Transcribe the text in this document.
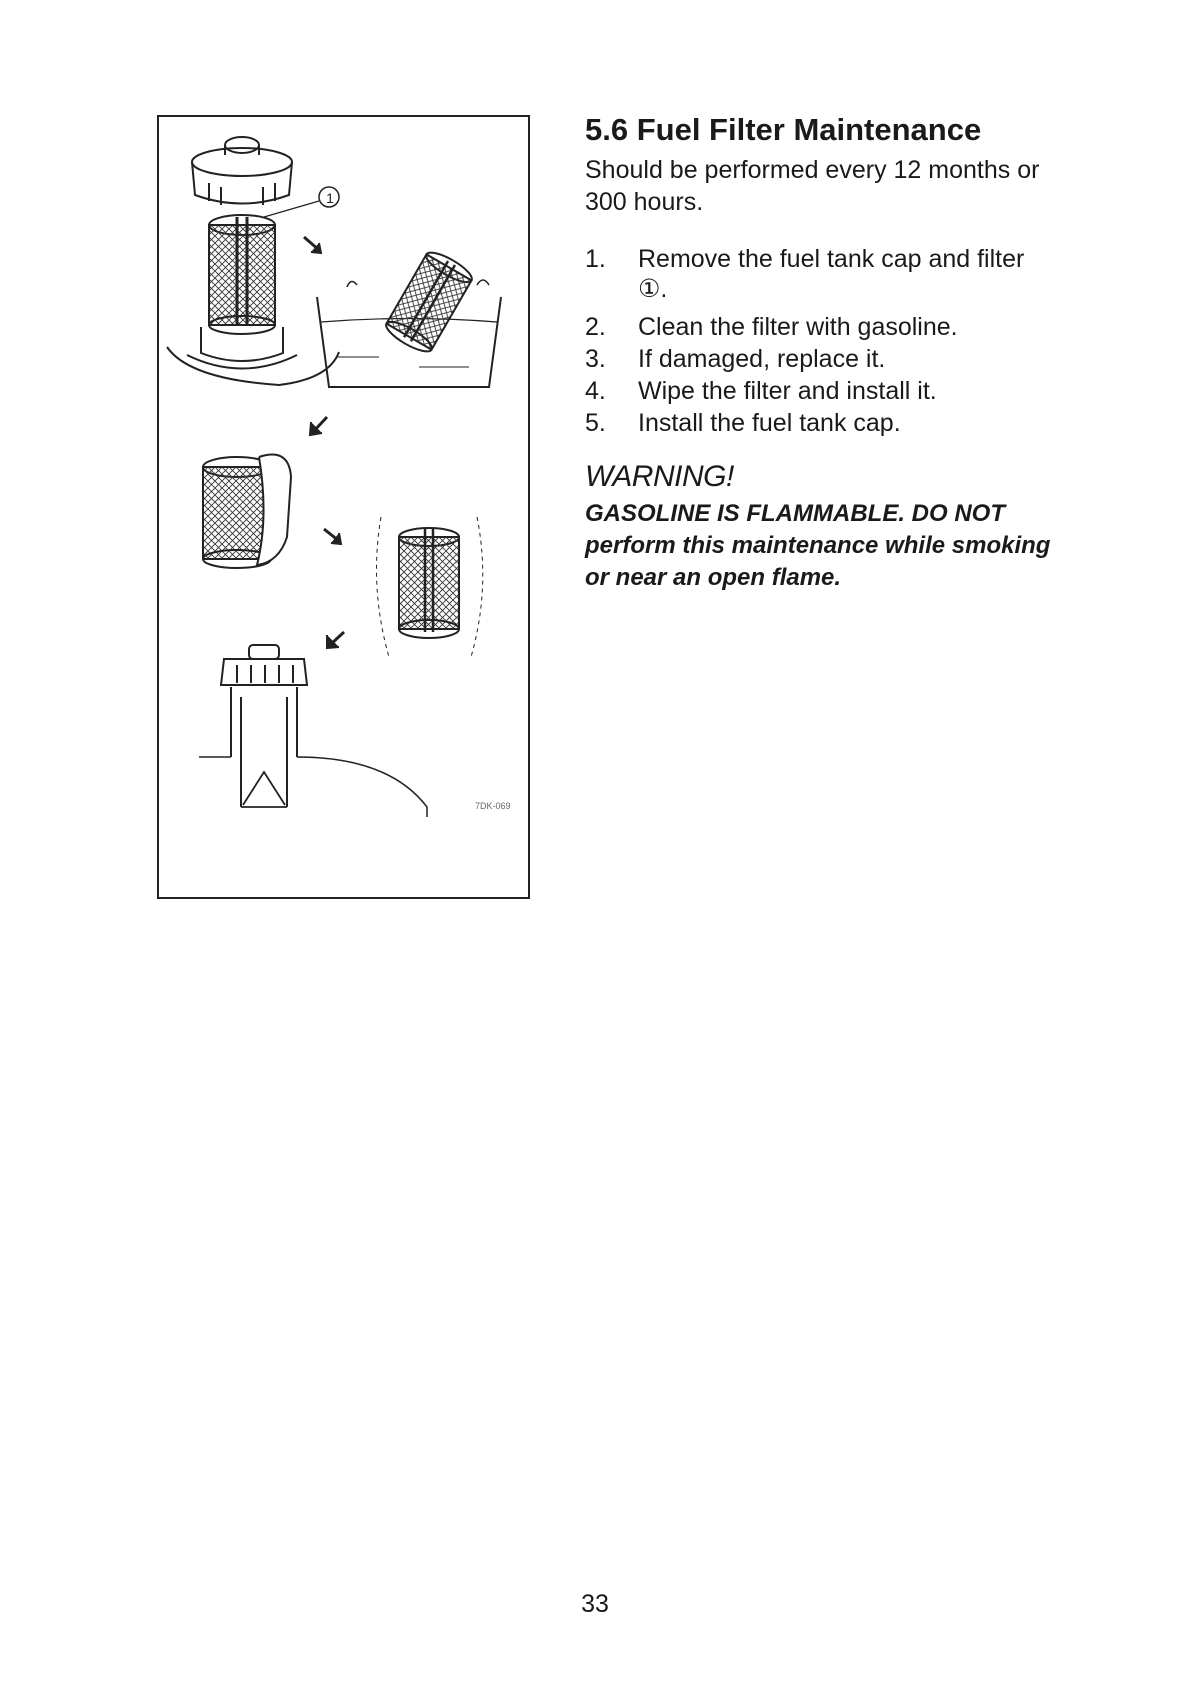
1
7DK-069
5.6 Fuel Filter Maintenance

Should be performed every 12 months or 300 hours.

1.	Remove the fuel tank cap and filter ①.
2.	Clean the filter with gasoline.
3.	If damaged, replace it.
4.	Wipe the filter and install it.
5.	Install the fuel tank cap.
WARNING!
GASOLINE IS FLAMMABLE. DO NOT perform this maintenance while smoking or near an open flame.
33
